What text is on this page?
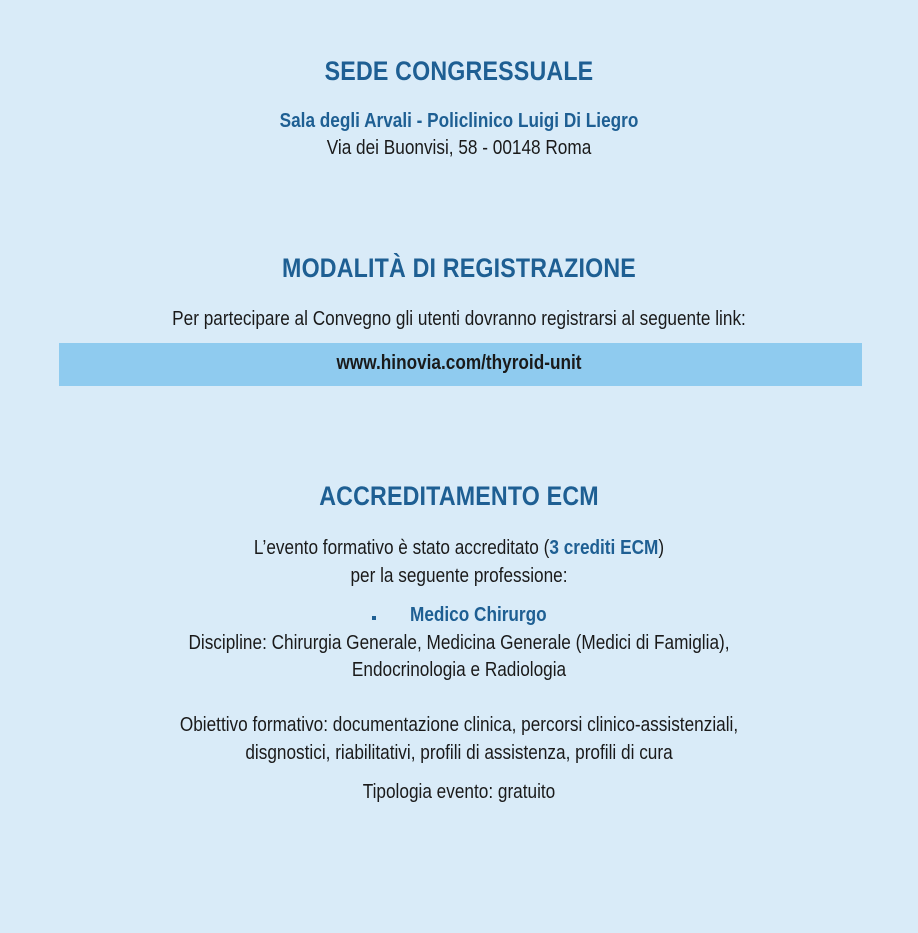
SEDE CONGRESSUALE
Sala degli Arvali - Policlinico Luigi Di Liegro
Via dei Buonvisi, 58 - 00148 Roma
MODALITÀ DI REGISTRAZIONE
Per partecipare al Convegno gli utenti dovranno registrarsi al seguente link:
www.hinovia.com/thyroid-unit
ACCREDITAMENTO ECM
L’evento formativo è stato accreditato (3 crediti ECM)
per la seguente professione:
Medico Chirurgo
Discipline: Chirurgia Generale, Medicina Generale (Medici di Famiglia),
Endocrinologia e Radiologia
Obiettivo formativo: documentazione clinica, percorsi clinico-assistenziali,
disgnostici, riabilitativi, profili di assistenza, profili di cura
Tipologia evento: gratuito
